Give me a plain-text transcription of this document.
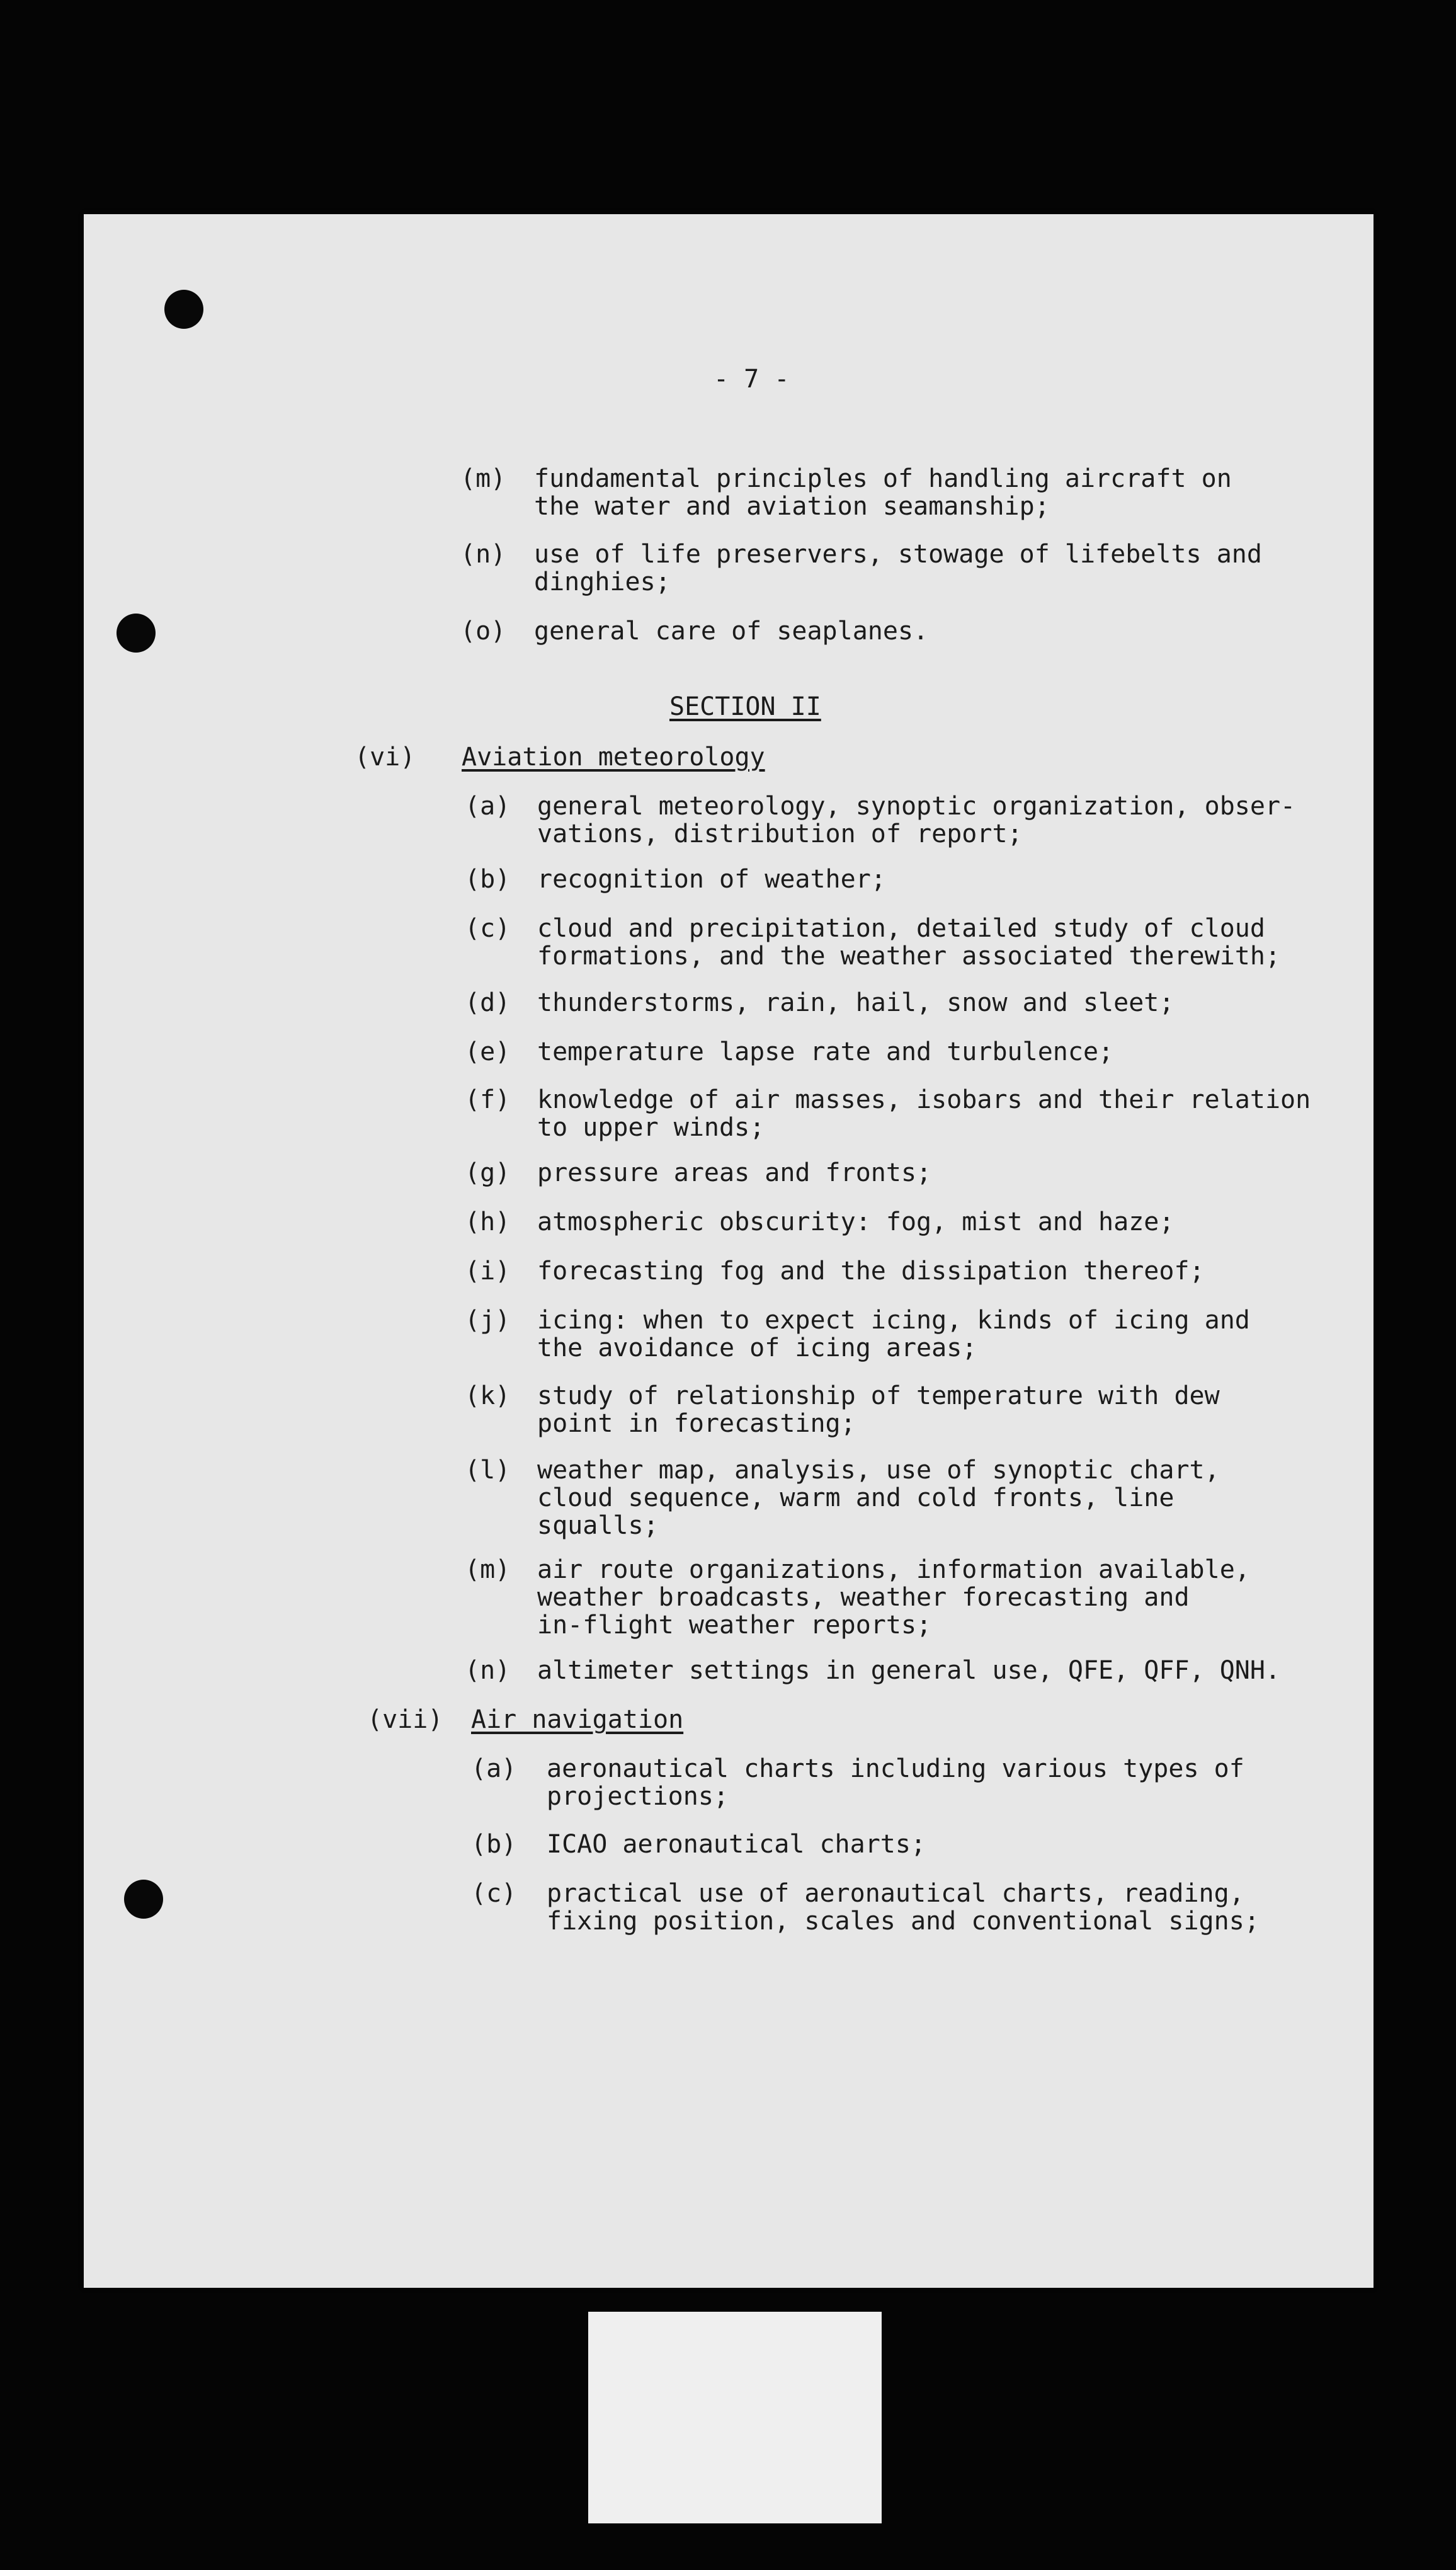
- 7 -

(m) fundamental principles of handling aircraft on
the water and aviation seamanship;

(n) use of life preservers, stowage of lifebelts and
dinghies;

(o) general care of seaplanes.

SECTION II

(vi) Aviation meteorology

(a) general meteorology, synoptic organization, obser-
vations, distribution of report;

(b) recognition of weather;

(c) cloud and precipitation, detailed study of cloud
formations, and the weather associated therewith;

(d) thunderstorms, rain, hail, snow and sleet;

(e) temperature lapse rate and turbulence;

(f) knowledge of air masses, isobars and their relation
to upper winds;

(g) pressure areas and fronts;

(h) atmospheric obscurity: fog, mist and haze;

(i) forecasting fog and the dissipation thereof;

(j) icing: when to expect icing, kinds of icing and
the avoidance of icing areas;

(k) study of relationship of temperature with dew
point in forecasting;

(l) weather map, analysis, use of synoptic chart,
cloud sequence, warm and cold fronts, line
squalls;

(m) air route organizations, information available,
weather broadcasts, weather forecasting and
in-flight weather reports;

(n) altimeter settings in general use, QFE, QFF, QNH.

(vii) Air navigation

(a) aeronautical charts including various types of
projections;

(b) ICAO aeronautical charts;

(c) practical use of aeronautical charts, reading,
fixing position, scales and conventional signs;
